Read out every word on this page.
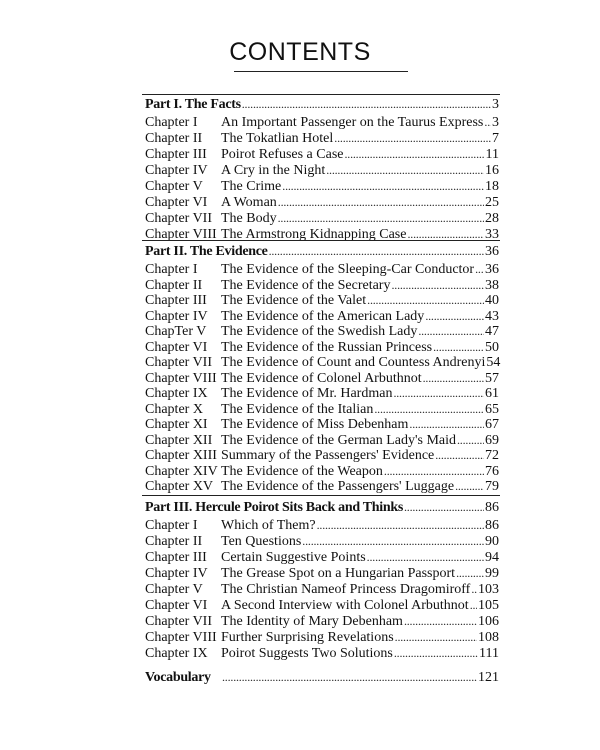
CONTENTS
Part I. The Facts . . .	3
Chapter I	An Important Passenger on the Taurus Express . . . 3
Chapter II	The Tokatlian Hotel . . .	7
Chapter III	Poirot Refuses a Case . . .	11
Chapter IV A Cry in the Night . . .	16
Chapter V	The Crime . . .	18
Chapter VI A Woman . . .	25
Chapter VII The Body . . .	28
Chapter VIII The Armstrong Kidnapping Case . . .	33
Part II. The Evidence . . .	36
Chapter I	The Evidence of the Sleeping-Car Conductor . . . 36
Chapter II	The Evidence of the Secretary . . .	38
Chapter III	The Evidence of the Valet . . .	40
Chapter IV The Evidence of the American Lady . . .	43
ChapTer V	The Evidence of the Swedish Lady . . .	47
Chapter VI The Evidence of the Russian Princess . . .	50
Chapter VII The Evidence of Count and Countess Andrenyi 54
Chapter VIII The Evidence of Colonel Arbuthnot . . .	57
Chapter IX The Evidence of Mr. Hardman . . .	61
Chapter X	The Evidence of the Italian . . .	65
Chapter XI The Evidence of Miss Debenham . . .	67
Chapter XII The Evidence of the German Lady's Maid . . . 69
Chapter XIII Summary of the Passengers' Evidence . . .	72
Chapter XIV The Evidence of the Weapon . . .	76
Chapter XV The Evidence of the Passengers' Luggage . . . 79
Part III. Hercule Poirot Sits Back and Thinks . . .	86
Chapter I	Which of Them? . . .	86
Chapter II	Ten Questions . . .	90
Chapter III	Certain Suggestive Points . . .	94
Chapter IV The Grease Spot on a Hungarian Passport . . . 99
Chapter V	The Christian Nameof Princess Dragomiroff . . . 103
Chapter VI A Second Interview with Colonel Arbuthnot . . . 105
Chapter VII The Identity of Mary Debenham . . .	106
Chapter VIII Further Surprising Revelations . . .	108
Chapter IX Poirot Suggests Two Solutions . . .	111
Vocabulary . . .	121
